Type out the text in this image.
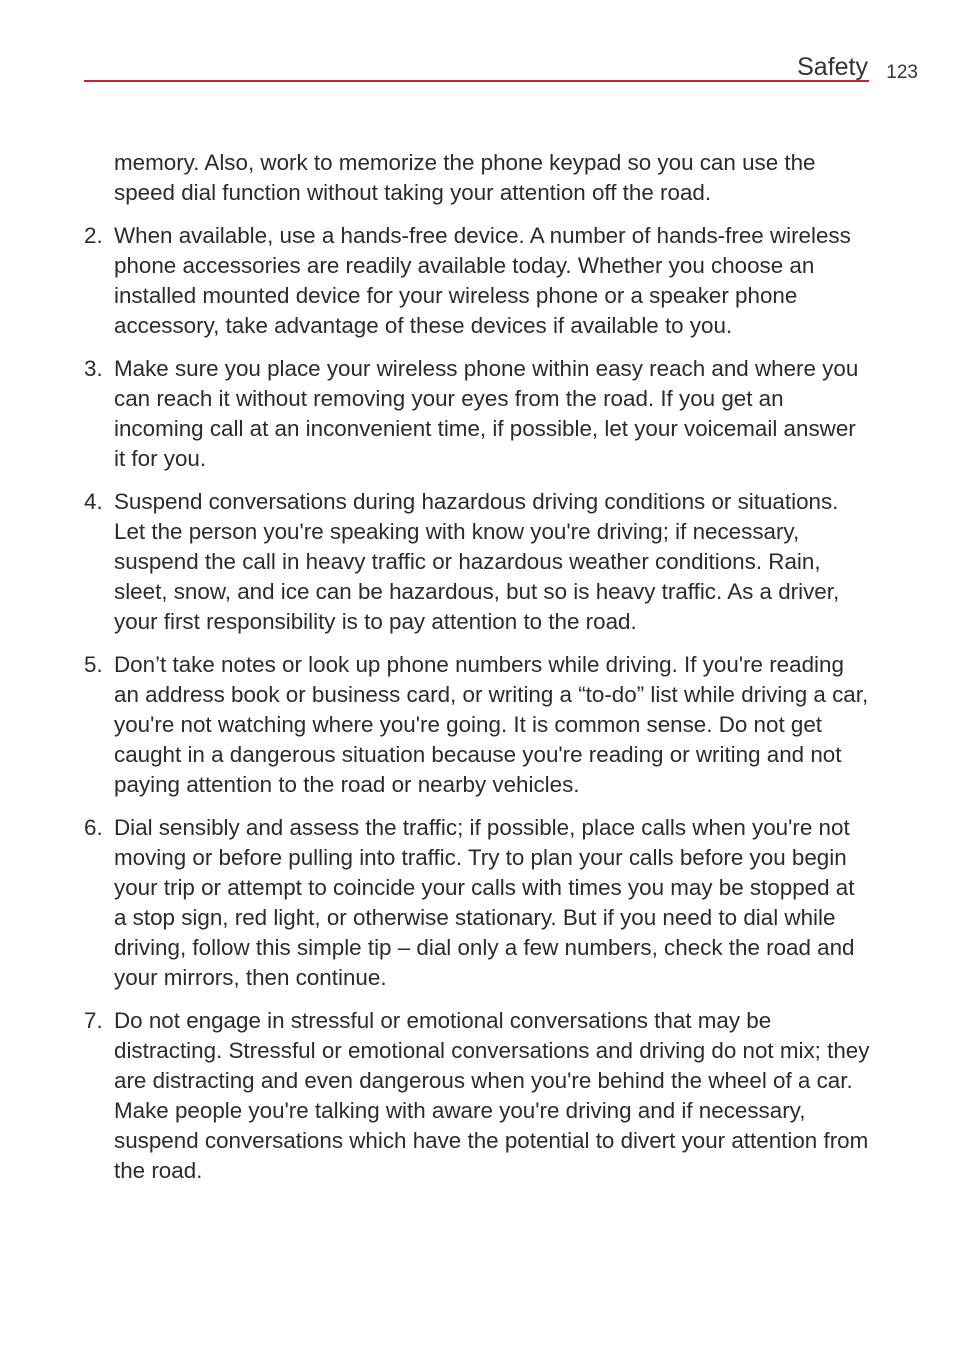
Safety 123

memory. Also, work to memorize the phone keypad so you can use the speed dial function without taking your attention off the road.

2. When available, use a hands-free device. A number of hands-free wireless phone accessories are readily available today. Whether you choose an installed mounted device for your wireless phone or a speaker phone accessory, take advantage of these devices if available to you.
3. Make sure you place your wireless phone within easy reach and where you can reach it without removing your eyes from the road. If you get an incoming call at an inconvenient time, if possible, let your voicemail answer it for you.
4. Suspend conversations during hazardous driving conditions or situations. Let the person you're speaking with know you're driving; if necessary, suspend the call in heavy traffic or hazardous weather conditions. Rain, sleet, snow, and ice can be hazardous, but so is heavy traffic. As a driver, your first responsibility is to pay attention to the road.
5. Don’t take notes or look up phone numbers while driving. If you're reading an address book or business card, or writing a “to-do” list while driving a car, you're not watching where you're going. It is common sense. Do not get caught in a dangerous situation because you're reading or writing and not paying attention to the road or nearby vehicles.
6. Dial sensibly and assess the traffic; if possible, place calls when you're not moving or before pulling into traffic. Try to plan your calls before you begin your trip or attempt to coincide your calls with times you may be stopped at a stop sign, red light, or otherwise stationary. But if you need to dial while driving, follow this simple tip – dial only a few numbers, check the road and your mirrors, then continue.
7. Do not engage in stressful or emotional conversations that may be distracting. Stressful or emotional conversations and driving do not mix; they are distracting and even dangerous when you're behind the wheel of a car. Make people you're talking with aware you're driving and if necessary, suspend conversations which have the potential to divert your attention from the road.
